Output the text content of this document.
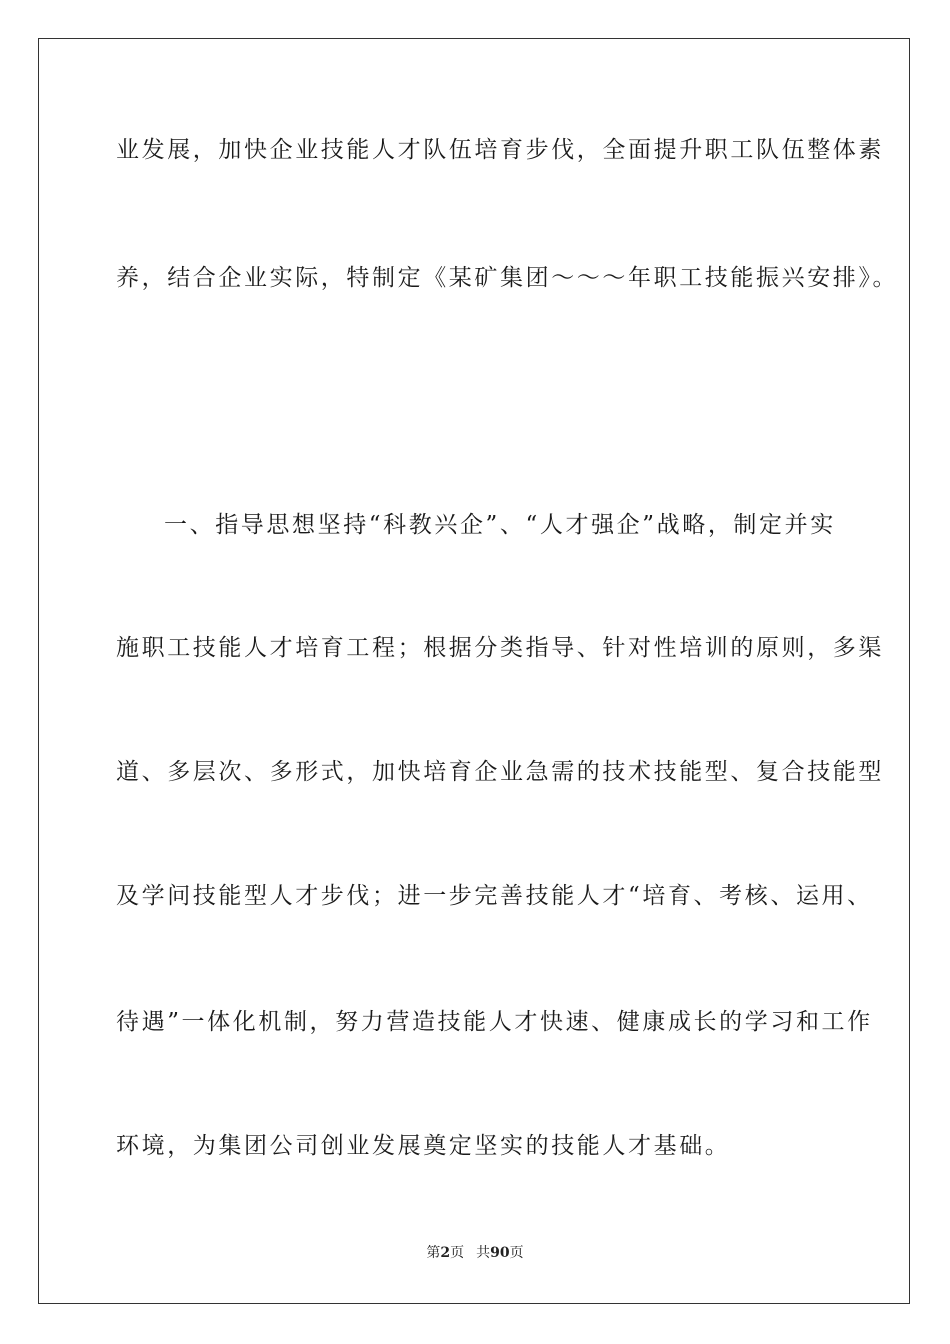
业发展，加快企业技能人才队伍培育步伐，全面提升职工队伍整体素
养，结合企业实际，特制定《某矿集团～～～年职工技能振兴安排》。
一、指导思想坚持“科教兴企”、“人才强企”战略，制定并实
施职工技能人才培育工程；根据分类指导、针对性培训的原则，多渠
道、多层次、多形式，加快培育企业急需的技术技能型、复合技能型
及学问技能型人才步伐；进一步完善技能人才“培育、考核、运用、
待遇”一体化机制，努力营造技能人才快速、健康成长的学习和工作
环境，为集团公司创业发展奠定坚实的技能人才基础。
第2页 共90页
